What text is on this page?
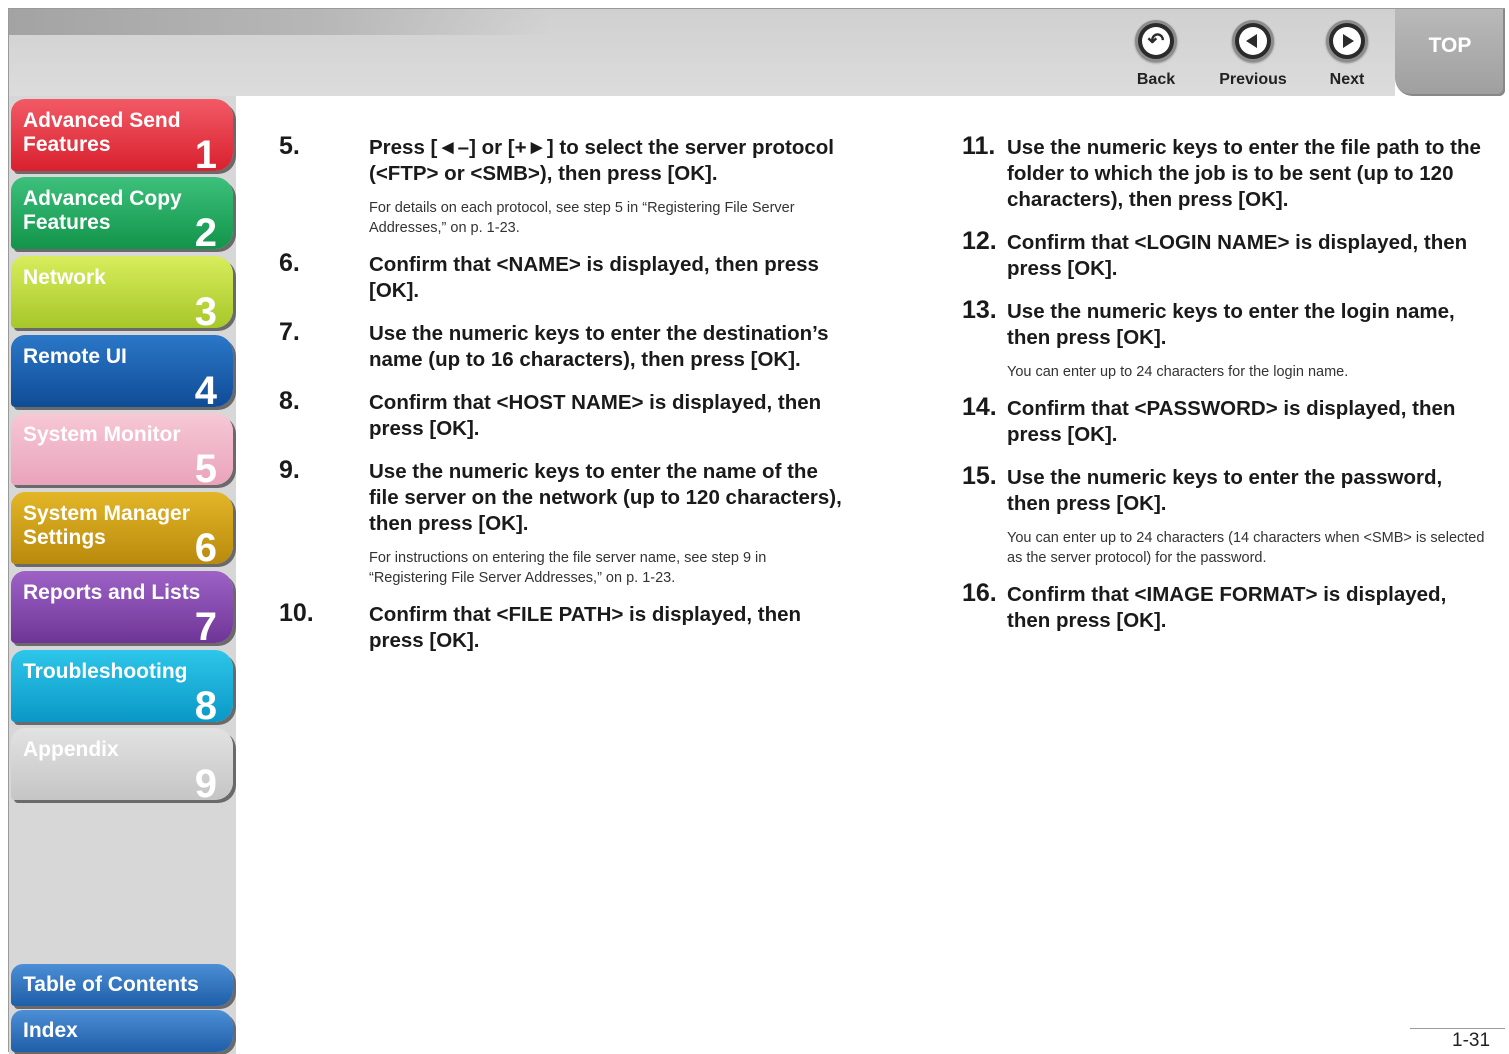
↶
Back	Previous	Next
TOP
Advanced Send
Features	1
Advanced Copy
Features	2
Network
3
Remote UI
4
System Monitor
5
System Manager
Settings	6
Reports and Lists
7
Troubleshooting
8
Appendix
9
Table of Contents
Index
5.	Press [◄–] or [+►] to select the server protocol (<FTP> or <SMB>), then press [OK].
For details on each protocol, see step 5 in “Registering File Server Addresses,” on p. 1-23.
6.	Confirm that <NAME> is displayed, then press [OK].
7.	Use the numeric keys to enter the destination’s name (up to 16 characters), then press [OK].
8.	Confirm that <HOST NAME> is displayed, then press [OK].
9.	Use the numeric keys to enter the name of the file server on the network (up to 120 characters), then press [OK].
For instructions on entering the file server name, see step 9 in “Registering File Server Addresses,” on p. 1-23.
10.	Confirm that <FILE PATH> is displayed, then press [OK].
11. Use the numeric keys to enter the file path to the folder to which the job is to be sent (up to 120 characters), then press [OK].
12. Confirm that <LOGIN NAME> is displayed, then press [OK].
13. Use the numeric keys to enter the login name, then press [OK].
You can enter up to 24 characters for the login name.
14. Confirm that <PASSWORD> is displayed, then press [OK].
15. Use the numeric keys to enter the password, then press [OK].
You can enter up to 24 characters (14 characters when <SMB> is selected as the server protocol) for the password.
16. Confirm that <IMAGE FORMAT> is displayed, then press [OK].
1-31
